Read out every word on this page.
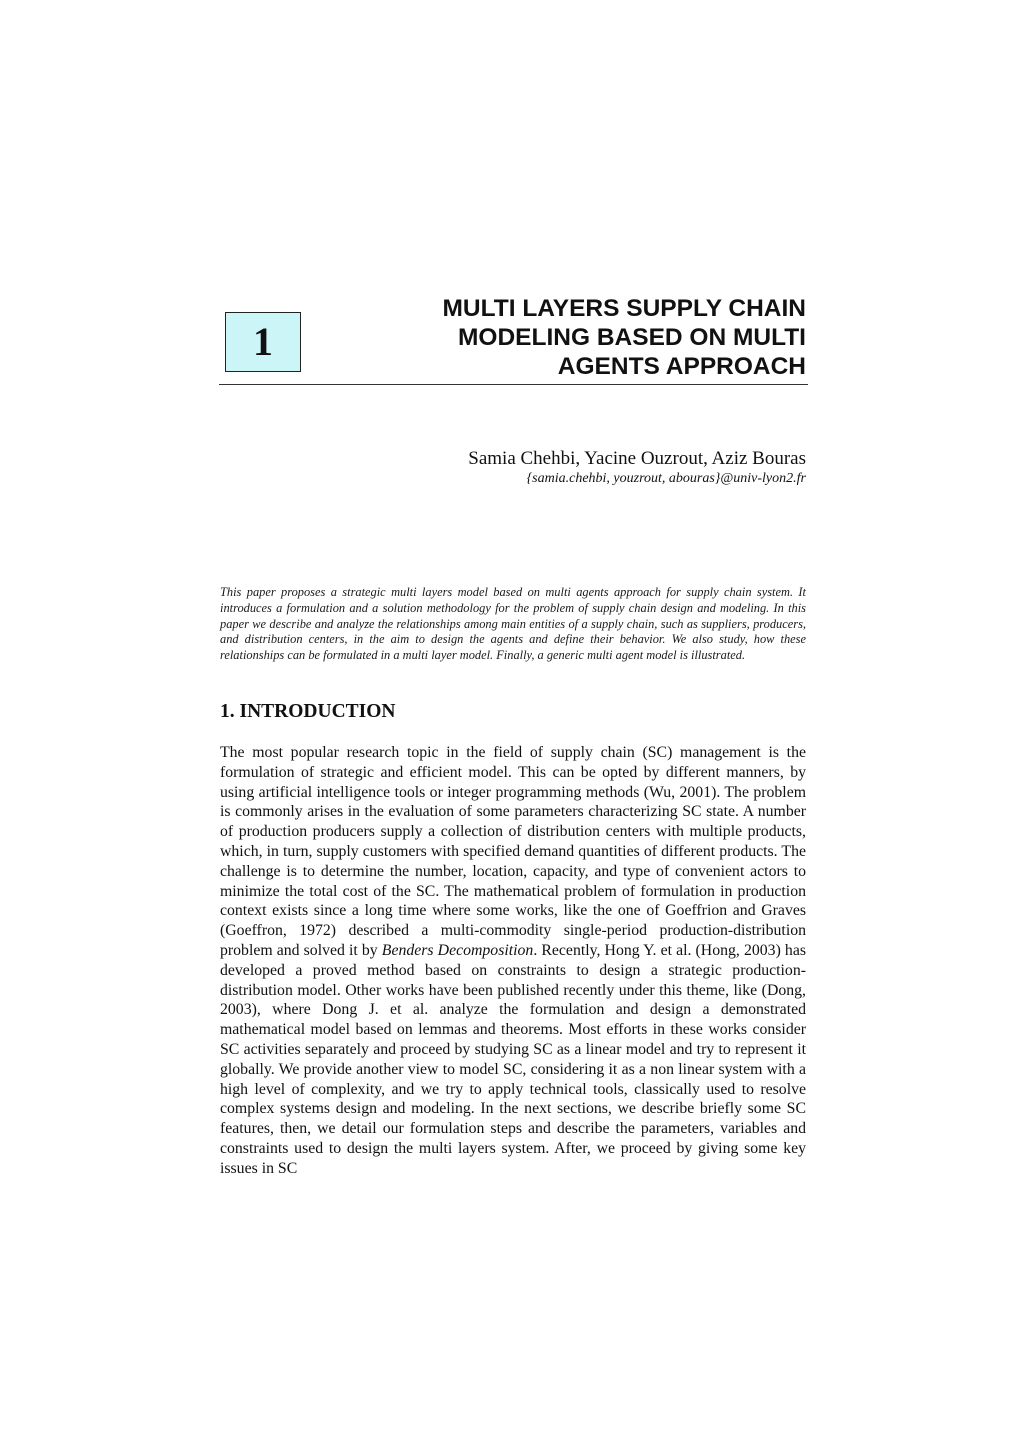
1
MULTI LAYERS SUPPLY CHAIN
MODELING BASED ON MULTI
AGENTS APPROACH
Samia Chehbi, Yacine Ouzrout, Aziz Bouras
{samia.chehbi, youzrout, abouras}@univ-lyon2.fr

This paper proposes a strategic multi layers model based on multi agents approach for supply chain system. It introduces a formulation and a solution methodology for the problem of supply chain design and modeling. In this paper we describe and analyze the relationships among main entities of a supply chain, such as suppliers, producers, and distribution centers, in the aim to design the agents and define their behavior. We also study, how these relationships can be formulated in a multi layer model. Finally, a generic multi agent model is illustrated.

1. INTRODUCTION

The most popular research topic in the field of supply chain (SC) management is the formulation of strategic and efficient model. This can be opted by different manners, by using artificial intelligence tools or integer programming methods (Wu, 2001). The problem is commonly arises in the evaluation of some parameters characterizing SC state. A number of production producers supply a collection of distribution centers with multiple products, which, in turn, supply customers with specified demand quantities of different products. The challenge is to determine the number, location, capacity, and type of convenient actors to minimize the total cost of the SC. The mathematical problem of formulation in production context exists since a long time where some works, like the one of Goeffrion and Graves (Goeffron, 1972) described a multi-commodity single-period production-distribution problem and solved it by Benders Decomposition. Recently, Hong Y. et al. (Hong, 2003) has developed a proved method based on constraints to design a strategic production-distribution model. Other works have been published recently under this theme, like (Dong, 2003), where Dong J. et al. analyze the formulation and design a demonstrated mathematical model based on lemmas and theorems. Most efforts in these works consider SC activities separately and proceed by studying SC as a linear model and try to represent it globally. We provide another view to model SC, considering it as a non linear system with a high level of complexity, and we try to apply technical tools, classically used to resolve complex systems design and modeling. In the next sections, we describe briefly some SC features, then, we detail our formulation steps and describe the parameters, variables and constraints used to design the multi layers system. After, we proceed by giving some key issues in SC
